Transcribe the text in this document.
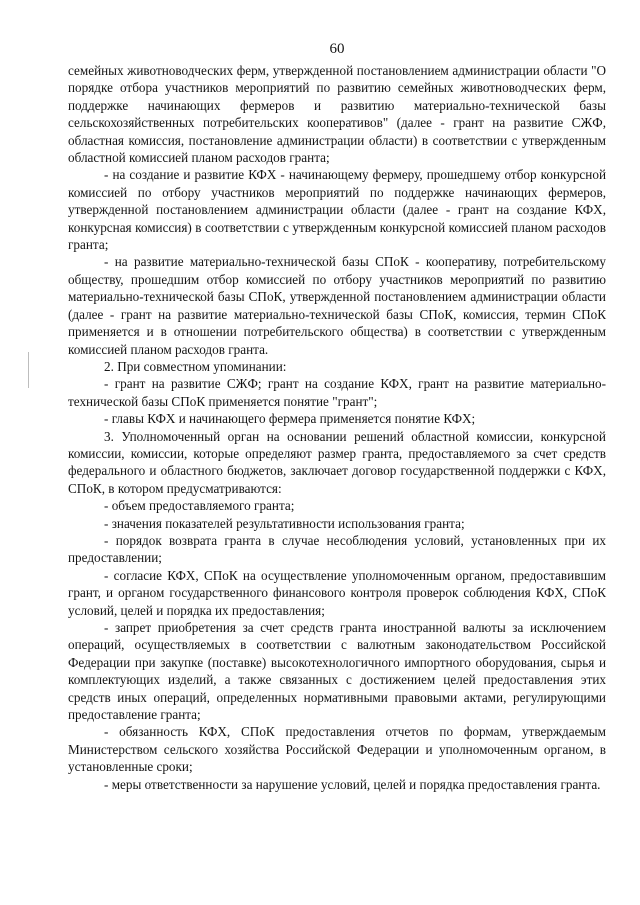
60

семейных животноводческих ферм, утвержденной постановлением администрации области "О порядке отбора участников мероприятий по развитию семейных животноводческих ферм, поддержке начинающих фермеров и развитию материально-технической базы сельскохозяйственных потребительских кооперативов" (далее - грант на развитие СЖФ, областная комиссия, постановление администрации области) в соответствии с утвержденным областной комиссией планом расходов гранта;

- на создание и развитие КФХ - начинающему фермеру, прошедшему отбор конкурсной комиссией по отбору участников мероприятий по поддержке начинающих фермеров, утвержденной постановлением администрации области (далее - грант на создание КФХ, конкурсная комиссия) в соответствии с утвержденным конкурсной комиссией планом расходов гранта;

- на развитие материально-технической базы СПоК - кооперативу, потребительскому обществу, прошедшим отбор комиссией по отбору участников мероприятий по развитию материально-технической базы СПоК, утвержденной постановлением администрации области (далее - грант на развитие материально-технической базы СПоК, комиссия, термин СПоК применяется и в отношении потребительского общества) в соответствии с утвержденным комиссией планом расходов гранта.

2. При совместном упоминании:

- грант на развитие СЖФ; грант на создание КФХ, грант на развитие материально-технической базы СПоК применяется понятие "грант";

- главы КФХ и начинающего фермера применяется понятие КФХ;

3. Уполномоченный орган на основании решений областной комиссии, конкурсной комиссии, комиссии, которые определяют размер гранта, предоставляемого за счет средств федерального и областного бюджетов, заключает договор государственной поддержки с КФХ, СПоК, в котором предусматриваются:

- объем предоставляемого гранта;

- значения показателей результативности использования гранта;

- порядок возврата гранта в случае несоблюдения условий, установленных при их предоставлении;

- согласие КФХ, СПоК на осуществление уполномоченным органом, предоставившим грант, и органом государственного финансового контроля проверок соблюдения КФХ, СПоК условий, целей и порядка их предоставления;

- запрет приобретения за счет средств гранта иностранной валюты за исключением операций, осуществляемых в соответствии с валютным законодательством Российской Федерации при закупке (поставке) высокотехнологичного импортного оборудования, сырья и комплектующих изделий, а также связанных с достижением целей предоставления этих средств иных операций, определенных нормативными правовыми актами, регулирующими предоставление гранта;

- обязанность КФХ, СПоК предоставления отчетов по формам, утверждаемым Министерством сельского хозяйства Российской Федерации и уполномоченным органом, в установленные сроки;

- меры ответственности за нарушение условий, целей и порядка предоставления гранта.
